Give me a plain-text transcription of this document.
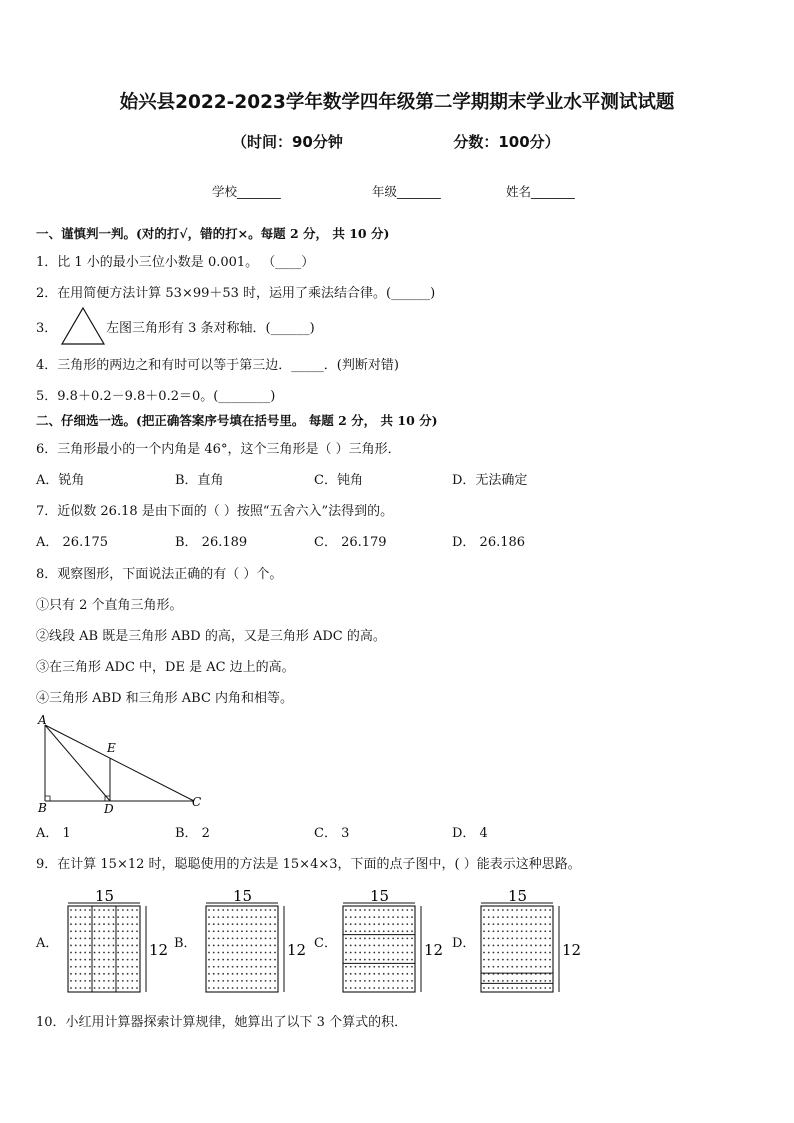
始兴县2022-2023学年数学四年级第二学期期末学业水平测试试题
（时间：90分钟	分数：100分）
学校_______	年级_______	姓名_______
一、谨慎判一判。(对的打√，错的打×。每题 2 分， 共 10 分)
1．比 1 小的最小三位小数是 0.001。 （____）
2．在用简便方法计算 53×99＋53 时，运用了乘法结合律。(______)
3．	左图三角形有 3 条对称轴．(______)
4．三角形的两边之和有时可以等于第三边．_____．(判断对错)
5．9.8＋0.2－9.8＋0.2＝0。(________)
二、仔细选一选。(把正确答案序号填在括号里。 每题 2 分， 共 10 分)
6．三角形最小的一个内角是 46°，这个三角形是（ ）三角形．
A．锐角	B．直角	C．钝角	D．无法确定
7．近似数 26.18 是由下面的（ ）按照“五舍六入”法得到的。
A． 26.175	B． 26.189	C． 26.179	D． 26.186
8．观察图形，下面说法正确的有（ ）个。
①只有 2 个直角三角形。
②线段 AB 既是三角形 ABD 的高，又是三角形 ADC 的高。
③在三角形 ADC 中，DE 是 AC 边上的高。
④三角形 ABD 和三角形 ABC 内角和相等。
A
E
B	D	C
A． 1	B． 2	C． 3	D． 4
9．在计算 15×12 时，聪聪使用的方法是 15×4×3，下面的点子图中，( ）能表示这种思路。
A．	B．	C．	D．
15
12
15
12
15
12
15
12
10．小红用计算器探索计算规律，她算出了以下 3 个算式的积．
